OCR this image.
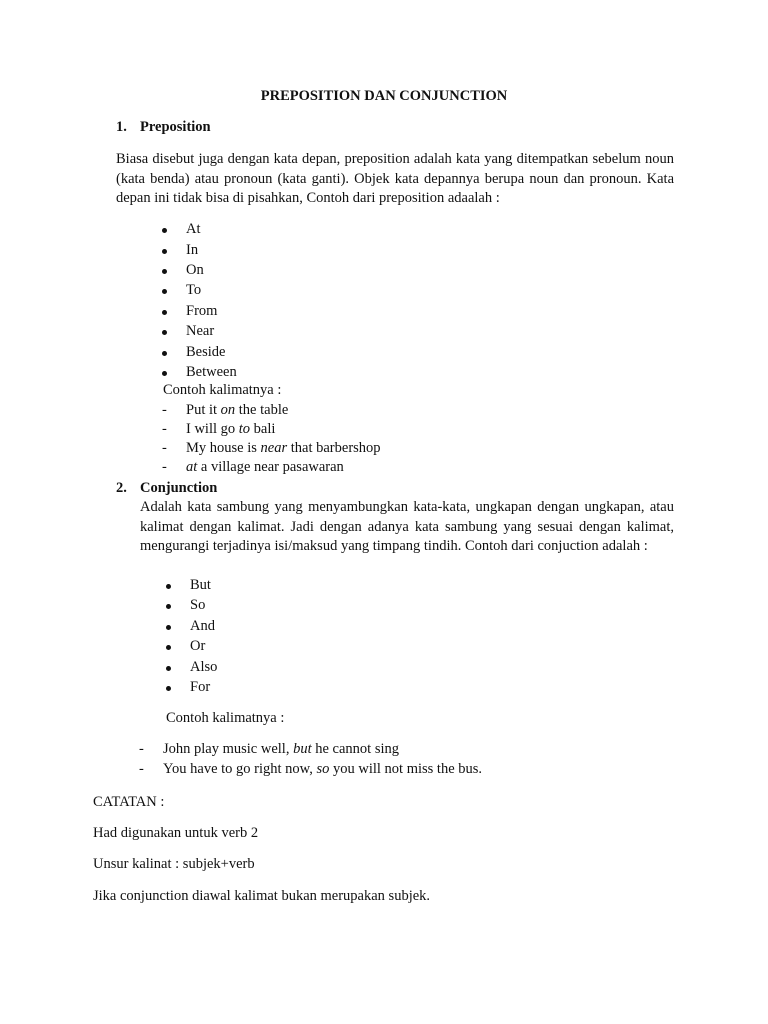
PREPOSITION DAN CONJUNCTION
1. Preposition
Biasa disebut juga dengan kata depan, preposition adalah kata yang ditempatkan sebelum noun (kata benda) atau pronoun (kata ganti). Objek kata depannya berupa noun dan pronoun. Kata depan ini tidak bisa di pisahkan, Contoh dari preposition adaalah :
At
In
On
To
From
Near
Beside
Between
Contoh kalimatnya :
- Put it on the table
- I will go to bali
- My house is near that barbershop
- at a village near pasawaran
2. Conjunction
Adalah kata sambung yang menyambungkan kata-kata, ungkapan dengan ungkapan, atau kalimat dengan kalimat. Jadi dengan adanya kata sambung yang sesuai dengan kalimat, mengurangi terjadinya isi/maksud yang timpang tindih. Contoh dari conjuction adalah :
But
So
And
Or
Also
For
Contoh kalimatnya :
- John play music well, but he cannot sing
- You have to go right now, so you will not miss the bus.
CATATAN :
Had digunakan untuk verb 2
Unsur kalinat : subjek+verb
Jika conjunction diawal kalimat bukan merupakan subjek.
